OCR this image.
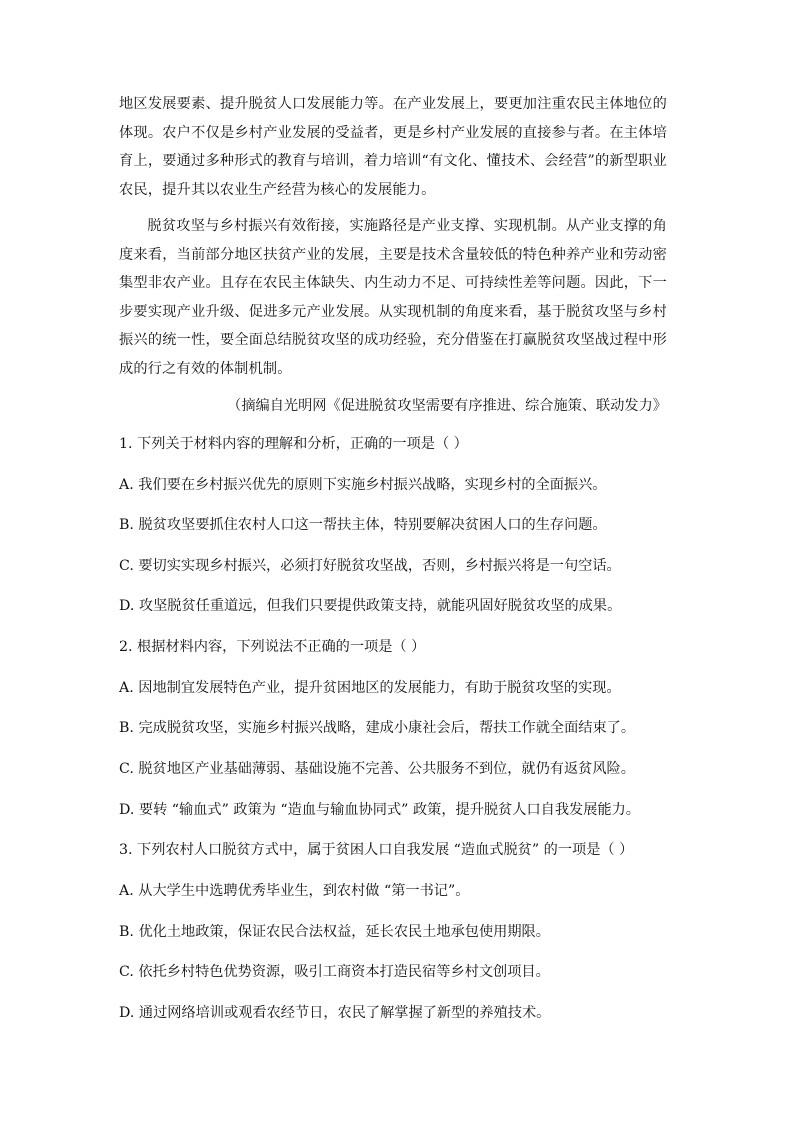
地区发展要素、提升脱贫人口发展能力等。在产业发展上，要更加注重农民主体地位的体现。农户不仅是乡村产业发展的受益者，更是乡村产业发展的直接参与者。在主体培育上，要通过多种形式的教育与培训，着力培训“有文化、懂技术、会经营”的新型职业农民，提升其以农业生产经营为核心的发展能力。

脱贫攻坚与乡村振兴有效衔接，实施路径是产业支撑、实现机制。从产业支撑的角度来看，当前部分地区扶贫产业的发展，主要是技术含量较低的特色种养产业和劳动密集型非农产业。且存在农民主体缺失、内生动力不足、可持续性差等问题。因此，下一步要实现产业升级、促进多元产业发展。从实现机制的角度来看，基于脱贫攻坚与乡村振兴的统一性，要全面总结脱贫攻坚的成功经验，充分借鉴在打赢脱贫攻坚战过程中形成的行之有效的体制机制。

（摘编自光明网《促进脱贫攻坚需要有序推进、综合施策、联动发力》
1. 下列关于材料内容的理解和分析，正确的一项是（ ）
A. 我们要在乡村振兴优先的原则下实施乡村振兴战略，实现乡村的全面振兴。
B. 脱贫攻坚要抓住农村人口这一帮扶主体，特别要解决贫困人口的生存问题。
C. 要切实实现乡村振兴，必须打好脱贫攻坚战，否则，乡村振兴将是一句空话。
D. 攻坚脱贫任重道远，但我们只要提供政策支持，就能巩固好脱贫攻坚的成果。
2. 根据材料内容，下列说法不正确的一项是（ ）
A. 因地制宜发展特色产业，提升贫困地区的发展能力，有助于脱贫攻坚的实现。
B. 完成脱贫攻坚，实施乡村振兴战略，建成小康社会后，帮扶工作就全面结束了。
C. 脱贫地区产业基础薄弱、基础设施不完善、公共服务不到位，就仍有返贫风险。
D. 要转 “输血式” 政策为 “造血与输血协同式” 政策，提升脱贫人口自我发展能力。
3. 下列农村人口脱贫方式中，属于贫困人口自我发展 “造血式脱贫” 的一项是（ ）
A. 从大学生中选聘优秀毕业生，到农村做 “第一书记”。
B. 优化土地政策，保证农民合法权益，延长农民土地承包使用期限。
C. 依托乡村特色优势资源，吸引工商资本打造民宿等乡村文创项目。
D. 通过网络培训或观看农经节日，农民了解掌握了新型的养殖技术。
